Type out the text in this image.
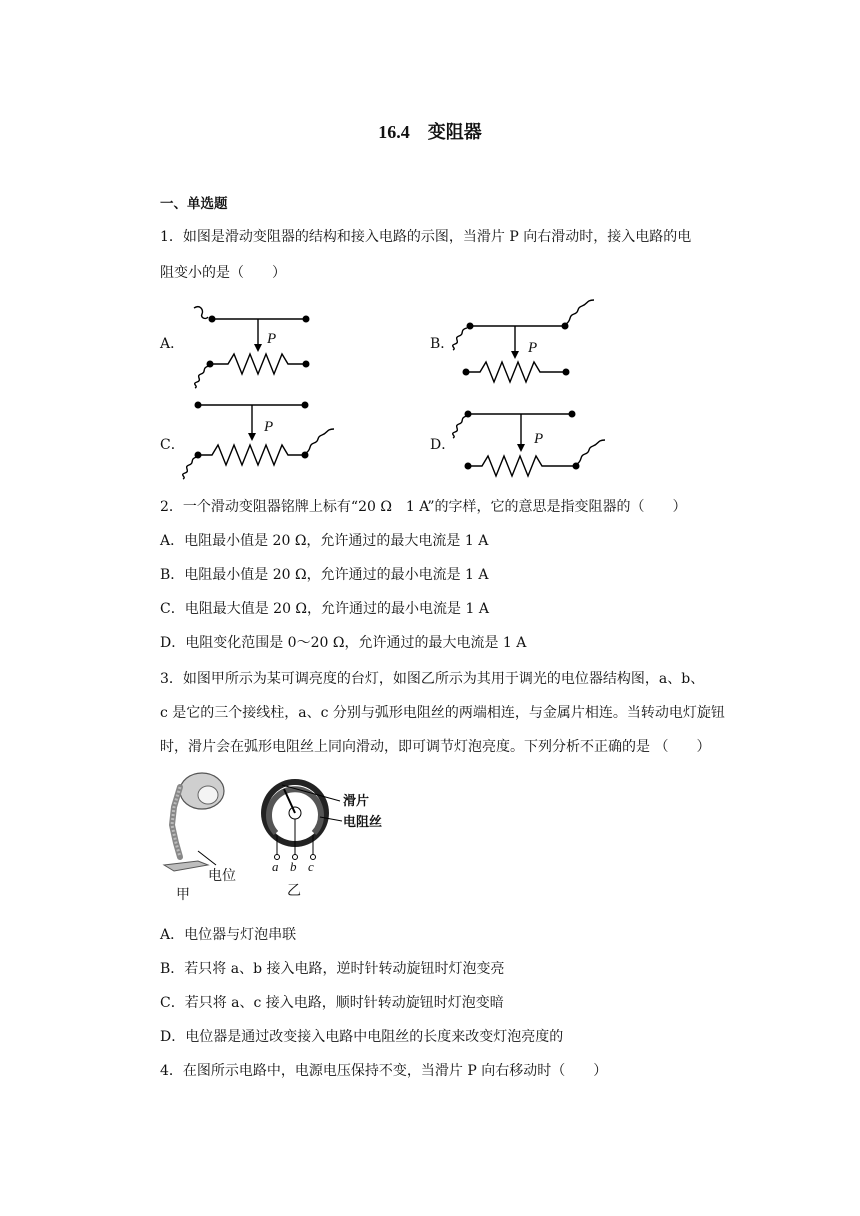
16.4 变阻器
一、单选题
1．如图是滑动变阻器的结构和接入电路的示图，当滑片 P 向右滑动时，接入电路的电
阻变小的是（　　）
A．	B．
C．	D．
P
P
P
P
2．一个滑动变阻器铭牌上标有“20 Ω　1 A”的字样，它的意思是指变阻器的（　　）
A．电阻最小值是 20 Ω，允许通过的最大电流是 1 A
B．电阻最小值是 20 Ω，允许通过的最小电流是 1 A
C．电阻最大值是 20 Ω，允许通过的最小电流是 1 A
D．电阻变化范围是 0～20 Ω，允许通过的最大电流是 1 A
3．如图甲所示为某可调亮度的台灯，如图乙所示为其用于调光的电位器结构图，a、b、
c 是它的三个接线柱，a、c 分别与弧形电阻丝的两端相连，与金属片相连。当转动电灯旋钮
时，滑片会在弧形电阻丝上同向滑动，即可调节灯泡亮度。下列分析不正确的是 （　　）
电位
甲	乙
滑片
电阻丝
a b c
A．电位器与灯泡串联
B．若只将 a、b 接入电路，逆时针转动旋钮时灯泡变亮
C．若只将 a、c 接入电路，顺时针转动旋钮时灯泡变暗
D．电位器是通过改变接入电路中电阻丝的长度来改变灯泡亮度的
4．在图所示电路中，电源电压保持不变，当滑片 P 向右移动时（　　）
